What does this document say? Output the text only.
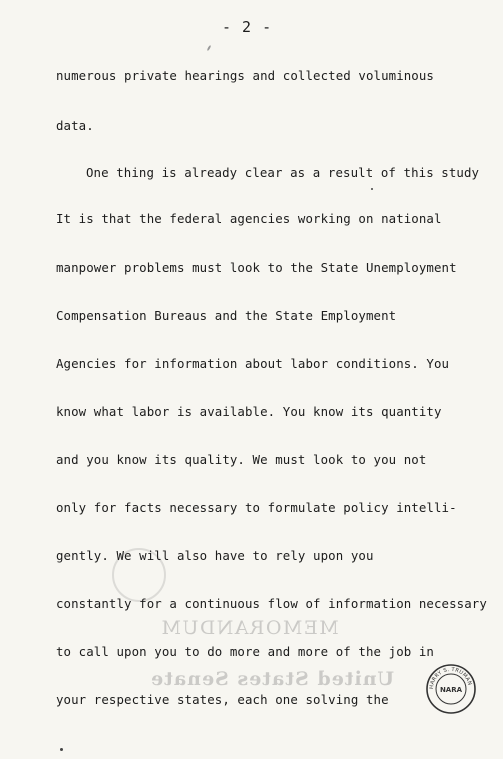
MEMORANDUM
United States Senate
- 2 -
numerous private hearings and collected voluminous
data.
One thing is already clear as a result of this study
It is that the federal agencies working on national
manpower problems must look to the State Unemployment
Compensation Bureaus and the State Employment
Agencies for information about labor conditions. You
know what labor is available. You know its quantity
and you know its quality. We must look to you not
only for facts necessary to formulate policy intelli-
gently. We will also have to rely upon you
constantly for a continuous flow of information necessary
to call upon you to do more and more of the job in
your respective states, each one solving the
HARRY S. TRUMAN
NARA
